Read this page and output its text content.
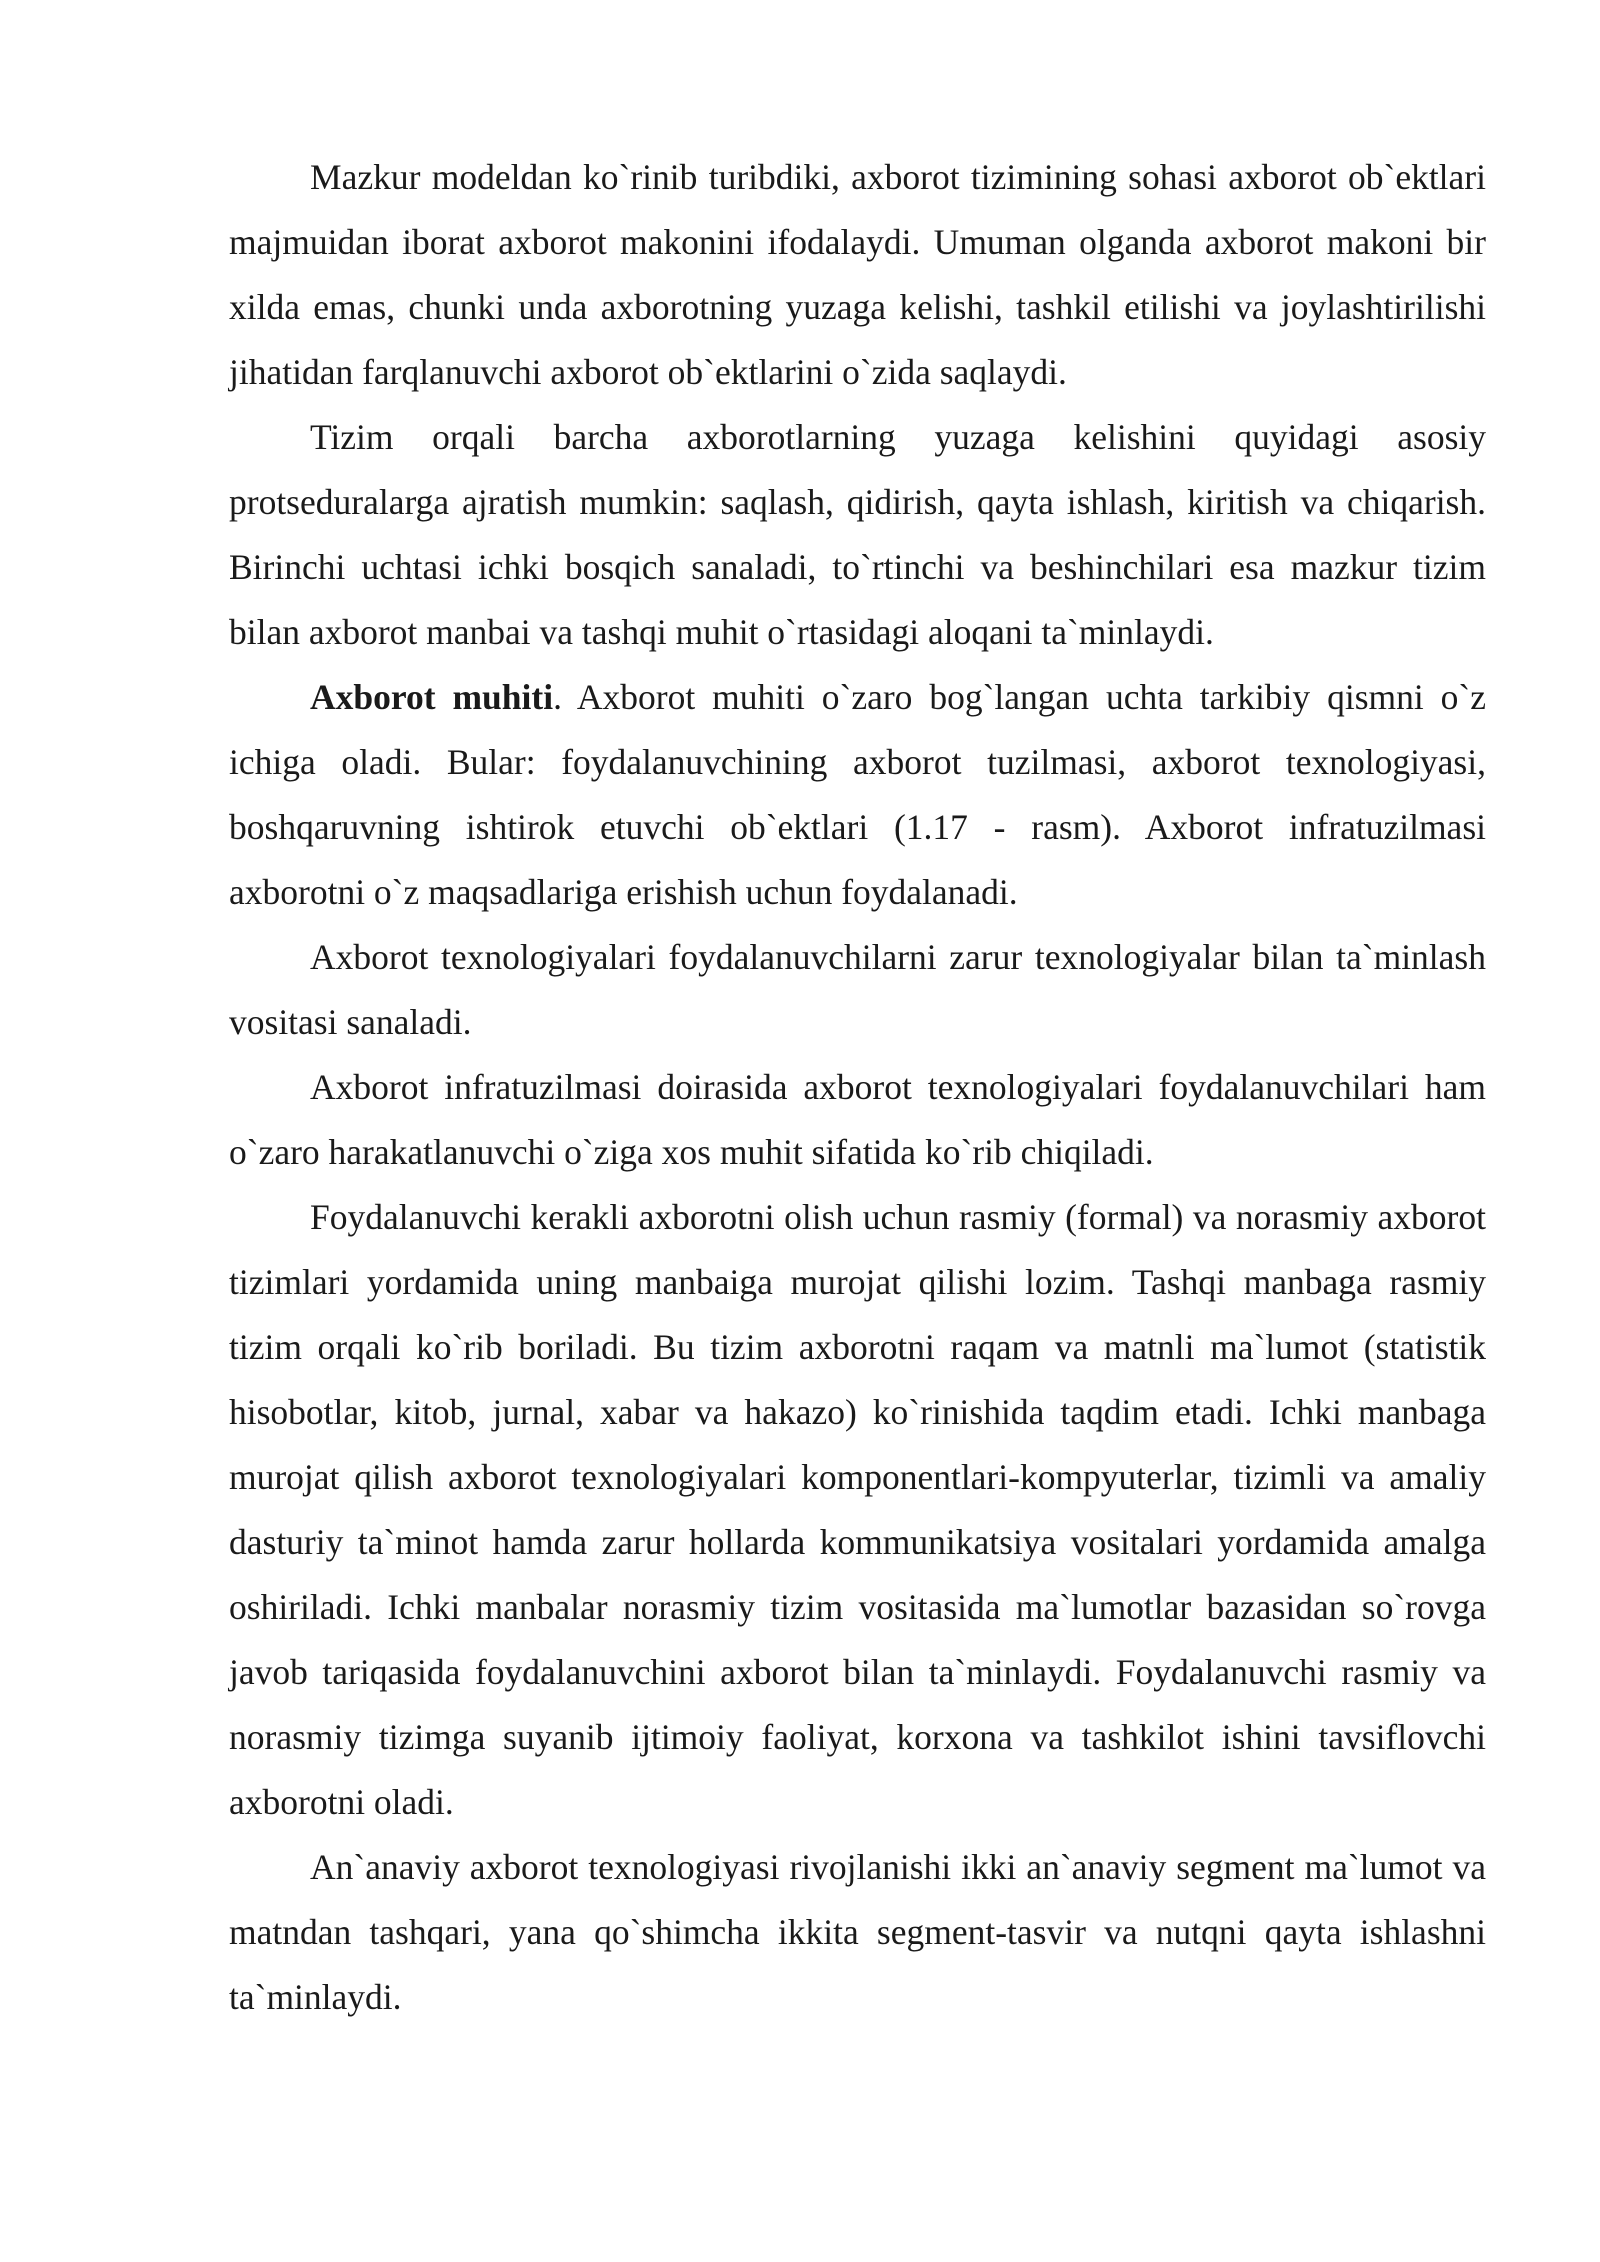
Mazkur modeldan ko`rinib turibdiki, axborot tizimining sohasi axborot ob`ektlari majmuidan iborat axborot makonini ifodalaydi. Umuman olganda axborot makoni bir xilda emas, chunki unda axborotning yuzaga kelishi, tashkil etilishi va joylashtirilishi jihatidan farqlanuvchi axborot ob`ektlarini o`zida saqlaydi.

Tizim orqali barcha axborotlarning yuzaga kelishini quyidagi asosiy protseduralarga ajratish mumkin: saqlash, qidirish, qayta ishlash, kiritish va chiqarish. Birinchi uchtasi ichki bosqich sanaladi, to`rtinchi va beshinchilari esa mazkur tizim bilan axborot manbai va tashqi muhit o`rtasidagi aloqani ta`minlaydi.

Axborot muhiti. Axborot muhiti o`zaro bog`langan uchta tarkibiy qismni o`z ichiga oladi. Bular: foydalanuvchining axborot tuzilmasi, axborot texnologiyasi, boshqaruvning ishtirok etuvchi ob`ektlari (1.17 - rasm). Axborot infratuzilmasi axborotni o`z maqsadlariga erishish uchun foydalanadi.

Axborot texnologiyalari foydalanuvchilarni zarur texnologiyalar bilan ta`minlash vositasi sanaladi.

Axborot infratuzilmasi doirasida axborot texnologiyalari foydalanuvchilari ham o`zaro harakatlanuvchi o`ziga xos muhit sifatida ko`rib chiqiladi.

Foydalanuvchi kerakli axborotni olish uchun rasmiy (formal) va norasmiy axborot tizimlari yordamida uning manbaiga murojat qilishi lozim. Tashqi manbaga rasmiy tizim orqali ko`rib boriladi. Bu tizim axborotni raqam va matnli ma`lumot (statistik hisobotlar, kitob, jurnal, xabar va hakazo) ko`rinishida taqdim etadi. Ichki manbaga murojat qilish axborot texnologiyalari komponentlari-kompyuterlar, tizimli va amaliy dasturiy ta`minot hamda zarur hollarda kommunikatsiya vositalari yordamida amalga oshiriladi. Ichki manbalar norasmiy tizim vositasida ma`lumotlar bazasidan so`rovga javob tariqasida foydalanuvchini axborot bilan ta`minlaydi. Foydalanuvchi rasmiy va norasmiy tizimga suyanib ijtimoiy faoliyat, korxona va tashkilot ishini tavsiflovchi axborotni oladi.

An`anaviy axborot texnologiyasi rivojlanishi ikki an`anaviy segment ma`lumot va matndan tashqari, yana qo`shimcha ikkita segment-tasvir va nutqni qayta ishlashni ta`minlaydi.
